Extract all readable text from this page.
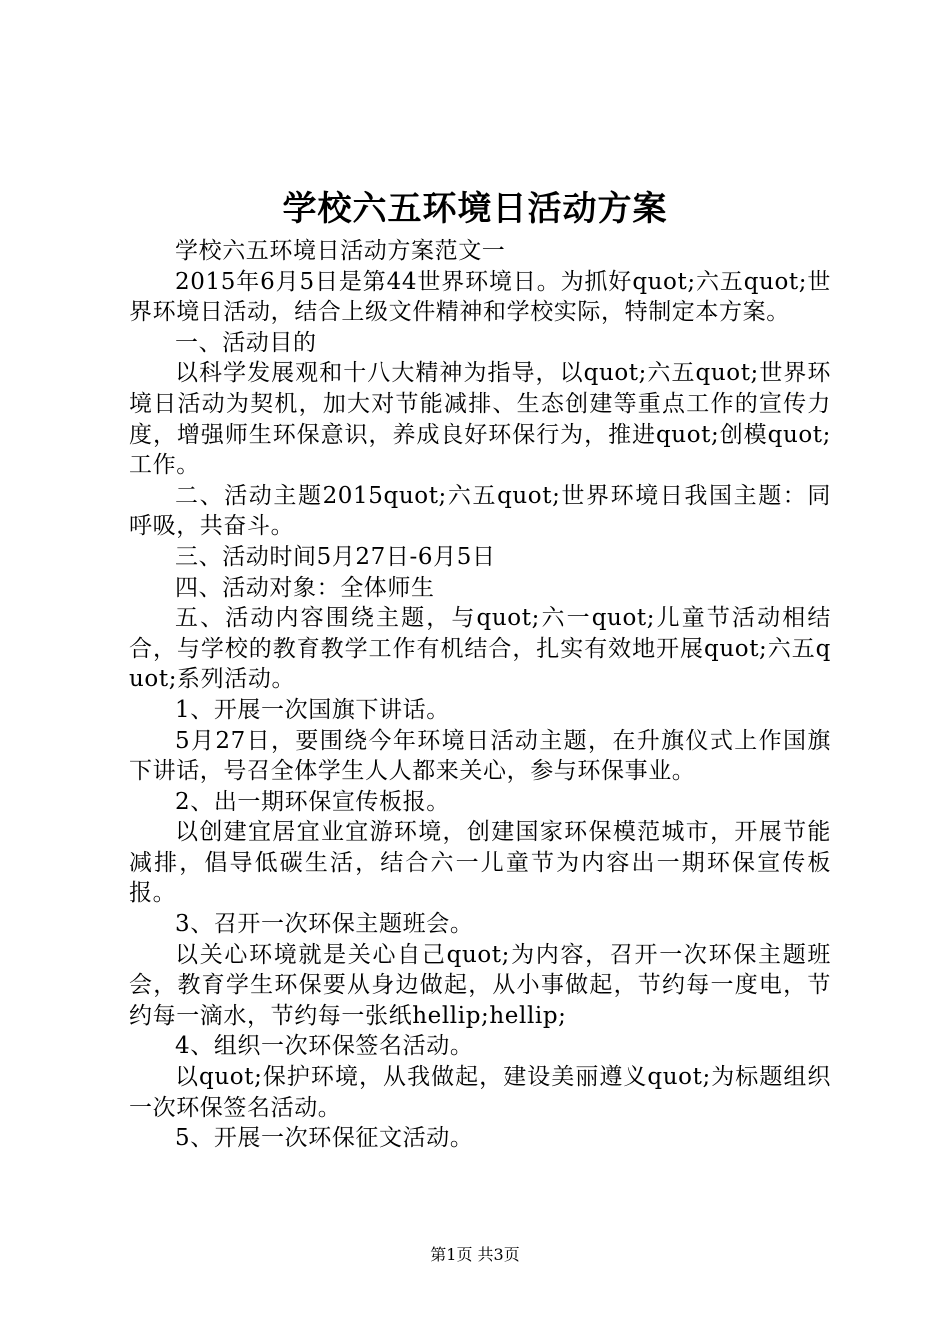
学校六五环境日活动方案

学校六五环境日活动方案范文一

2015年6月5日是第44世界环境日。为抓好quot;六五quot;世界环境日活动，结合上级文件精神和学校实际，特制定本方案。

一、活动目的

以科学发展观和十八大精神为指导，以quot;六五quot;世界环境日活动为契机，加大对节能减排、生态创建等重点工作的宣传力度，增强师生环保意识，养成良好环保行为，推进quot;创模quot;工作。

二、活动主题2015quot;六五quot;世界环境日我国主题：同呼吸，共奋斗。

三、活动时间5月27日-6月5日

四、活动对象：全体师生

五、活动内容围绕主题，与quot;六一quot;儿童节活动相结合，与学校的教育教学工作有机结合，扎实有效地开展quot;六五quot;系列活动。

1、开展一次国旗下讲话。

5月27日，要围绕今年环境日活动主题，在升旗仪式上作国旗下讲话，号召全体学生人人都来关心，参与环保事业。

2、出一期环保宣传板报。

以创建宜居宜业宜游环境，创建国家环保模范城市，开展节能减排，倡导低碳生活，结合六一儿童节为内容出一期环保宣传板报。

3、召开一次环保主题班会。

以关心环境就是关心自己quot;为内容，召开一次环保主题班会，教育学生环保要从身边做起，从小事做起，节约每一度电，节约每一滴水，节约每一张纸hellip;hellip;

4、组织一次环保签名活动。

以quot;保护环境，从我做起，建设美丽遵义quot;为标题组织一次环保签名活动。

5、开展一次环保征文活动。

第1页 共3页
